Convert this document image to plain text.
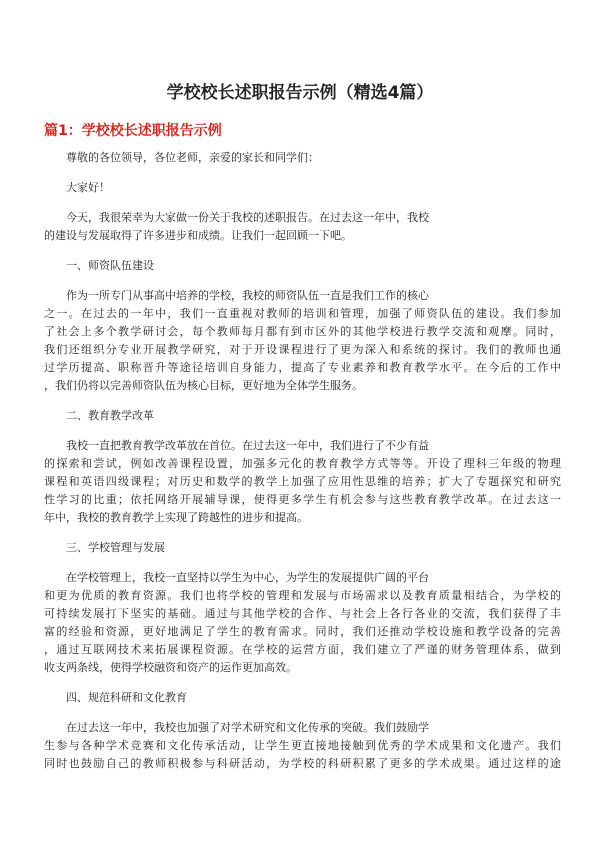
学校校长述职报告示例（精选4篇）
篇1：学校校长述职报告示例
尊敬的各位领导，各位老师，亲爱的家长和同学们：
大家好！
今天，我很荣幸为大家做一份关于我校的述职报告。在过去这一年中，我校
的建设与发展取得了许多进步和成绩。让我们一起回顾一下吧。
一、师资队伍建设
作为一所专门从事高中培养的学校，我校的师资队伍一直是我们工作的核心
之一。在过去的一年中，我们一直重视对教师的培训和管理，加强了师资队伍的建设。我们参加
了社会上多个教学研讨会，每个教师每月都有到市区外的其他学校进行教学交流和观摩。同时，
我们还组织分专业开展教学研究，对于开设课程进行了更为深入和系统的探讨。我们的教师也通
过学历提高、职称晋升等途径培训自身能力，提高了专业素养和教育教学水平。在今后的工作中
，我们仍将以完善师资队伍为核心目标，更好地为全体学生服务。
二、教育教学改革
我校一直把教育教学改革放在首位。在过去这一年中，我们进行了不少有益
的探索和尝试，例如改善课程设置，加强多元化的教育教学方式等等。开设了理科三年级的物理
课程和英语四级课程；对历史和数学的教学上加强了应用性思维的培养；扩大了专题探究和研究
性学习的比重；依托网络开展辅导课，使得更多学生有机会参与这些教育教学改革。在过去这一
年中，我校的教育教学上实现了跨越性的进步和提高。
三、学校管理与发展
在学校管理上，我校一直坚持以学生为中心，为学生的发展提供广阔的平台
和更为优质的教育资源。我们也将学校的管理和发展与市场需求以及教育质量相结合，为学校的
可持续发展打下坚实的基础。通过与其他学校的合作、与社会上各行各业的交流，我们获得了丰
富的经验和资源，更好地满足了学生的教育需求。同时，我们还推动学校设施和教学设备的完善
，通过互联网技术来拓展课程资源。在学校的运营方面，我们建立了严谨的财务管理体系，做到
收支两条线，使得学校融资和资产的运作更加高效。
四、规范科研和文化教育
在过去这一年中，我校也加强了对学术研究和文化传承的突破。我们鼓励学
生参与各种学术竞赛和文化传承活动，让学生更直接地接触到优秀的学术成果和文化遗产。我们
同时也鼓励自己的教师积极参与科研活动，为学校的科研积累了更多的学术成果。通过这样的途
